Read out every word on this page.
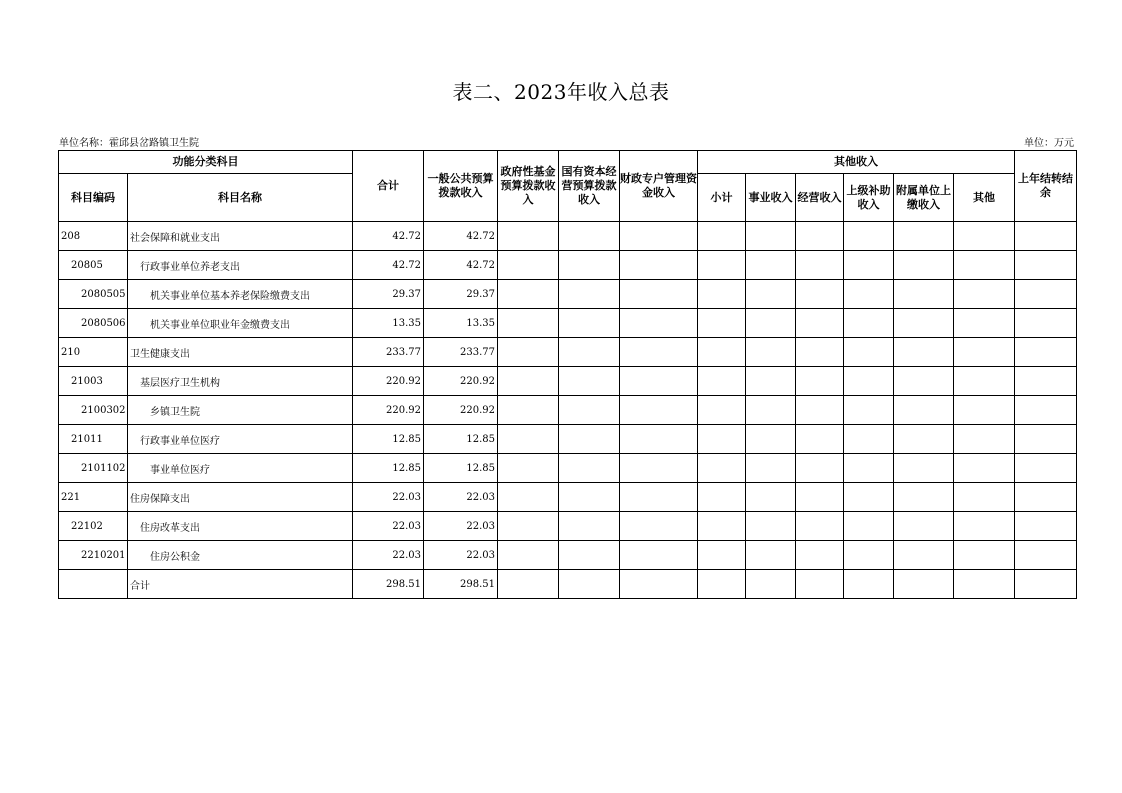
表二、2023年收入总表
单位名称：霍邱县岔路镇卫生院	单位：万元
功能分类科目		合计	一般公共预算拨款收入	政府性基金预算拨款收入	国有资本经营预算拨款收入	财政专户管理资金收入	其他收入						上年结转结余
科目编码	科目名称						小计	事业收入	经营收入	上级补助收入	附属单位上缴收入	其他	
208	社会保障和就业支出	42.72	42.72										
20805	行政事业单位养老支出	42.72	42.72										
2080505	机关事业单位基本养老保险缴费支出	29.37	29.37										
2080506	机关事业单位职业年金缴费支出	13.35	13.35										
210	卫生健康支出	233.77	233.77										
21003	基层医疗卫生机构	220.92	220.92										
2100302	乡镇卫生院	220.92	220.92										
21011	行政事业单位医疗	12.85	12.85										
2101102	事业单位医疗	12.85	12.85										
221	住房保障支出	22.03	22.03										
22102	住房改革支出	22.03	22.03										
2210201	住房公积金	22.03	22.03										
	合计	298.51	298.51										
